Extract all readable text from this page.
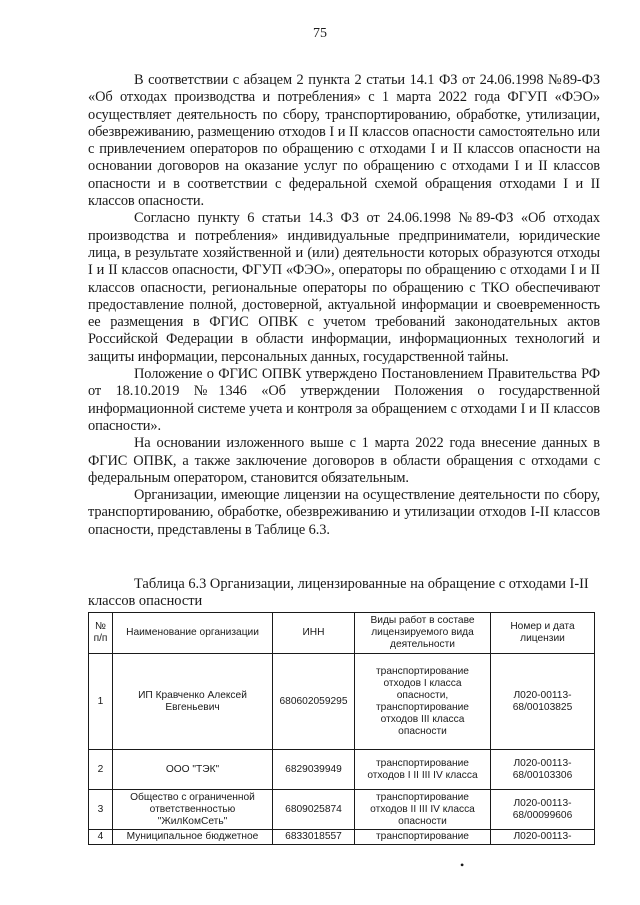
75

В соответствии с абзацем 2 пункта 2 статьи 14.1 ФЗ от 24.06.1998 №89-ФЗ «Об отходах производства и потребления» с 1 марта 2022 года ФГУП «ФЭО» осуществляет деятельность по сбору, транспортированию, обработке, утилизации, обезвреживанию, размещению отходов I и II классов опасности самостоятельно или с привлечением операторов по обращению с отходами I и II классов опасности на основании договоров на оказание услуг по обращению с отходами I и II классов опасности и в соответствии с федеральной схемой обращения отходами I и II классов опасности.

Согласно пункту 6 статьи 14.3 ФЗ от 24.06.1998 №89-ФЗ «Об отходах производства и потребления» индивидуальные предприниматели, юридические лица, в результате хозяйственной и (или) деятельности которых образуются отходы I и II классов опасности, ФГУП «ФЭО», операторы по обращению с отходами I и II классов опасности, региональные операторы по обращению с ТКО обеспечивают предоставление полной, достоверной, актуальной информации и своевременность ее размещения в ФГИС ОПВК с учетом требований законодательных актов Российской Федерации в области информации, информационных технологий и защиты информации, персональных данных, государственной тайны.

Положение о ФГИС ОПВК утверждено Постановлением Правительства РФ от 18.10.2019 №1346 «Об утверждении Положения о государственной информационной системе учета и контроля за обращением с отходами I и II классов опасности».

На основании изложенного выше с 1 марта 2022 года внесение данных в ФГИС ОПВК, а также заключение договоров в области обращения с отходами с федеральным оператором, становится обязательным.

Организации, имеющие лицензии на осуществление деятельности по сбору, транспортированию, обработке, обезвреживанию и утилизации отходов I-II классов опасности, представлены в Таблице 6.3.

Таблица 6.3 Организации, лицензированные на обращение с отходами I-II классов опасности

№ п/п	Наименование организации	ИНН	Виды работ в составе лицензируемого вида деятельности	Номер и дата лицензии
1	ИП Кравченко Алексей Евгеньевич	680602059295	транспортирование отходов I класса опасности, транспортирование отходов III класса опасности	Л020-00113-68/00103825
2	ООО "ТЭК"	6829039949	транспортирование отходов I II III IV класса	Л020-00113-68/00103306
3	Общество с ограниченной ответственностью "ЖилКомСеть"	6809025874	транспортирование отходов II III IV класса опасности	Л020-00113-68/00099606
4	Муниципальное бюджетное	6833018557	транспортирование	Л020-00113-
•
